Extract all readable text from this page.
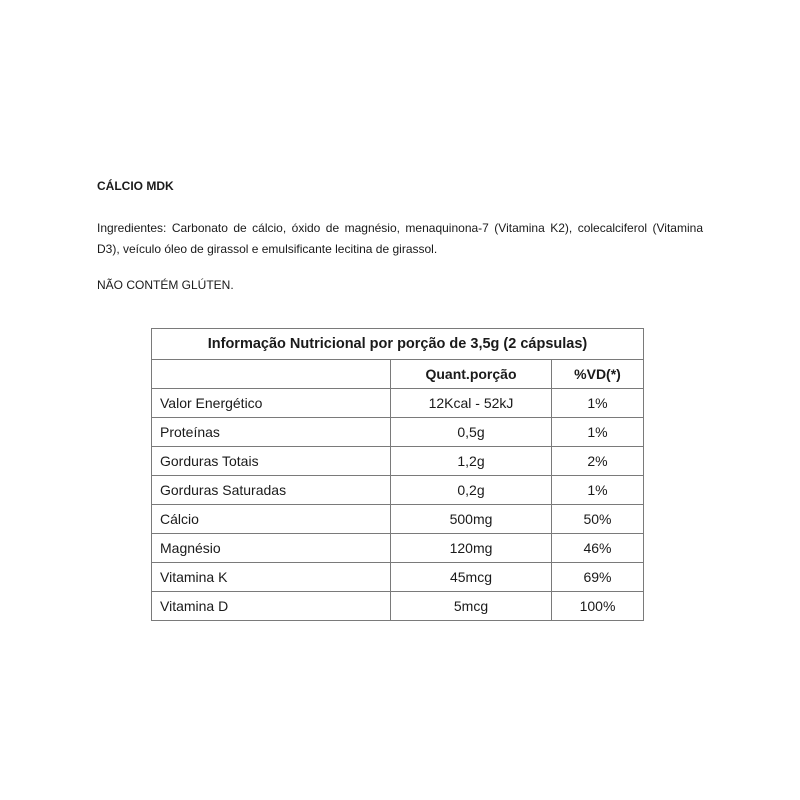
CÁLCIO MDK

Ingredientes: Carbonato de cálcio, óxido de magnésio, menaquinona-7 (Vitamina K2), colecalciferol (Vitamina D3), veículo óleo de girassol e emulsificante lecitina de girassol.

NÃO CONTÉM GLÚTEN.

Informação Nutricional por porção de 3,5g (2 cápsulas)		
	Quant.porção	%VD(*)
Valor Energético	12Kcal - 52kJ	1%
Proteínas	0,5g	1%
Gorduras Totais	1,2g	2%
Gorduras Saturadas	0,2g	1%
Cálcio	500mg	50%
Magnésio	120mg	46%
Vitamina K	45mcg	69%
Vitamina D	5mcg	100%
